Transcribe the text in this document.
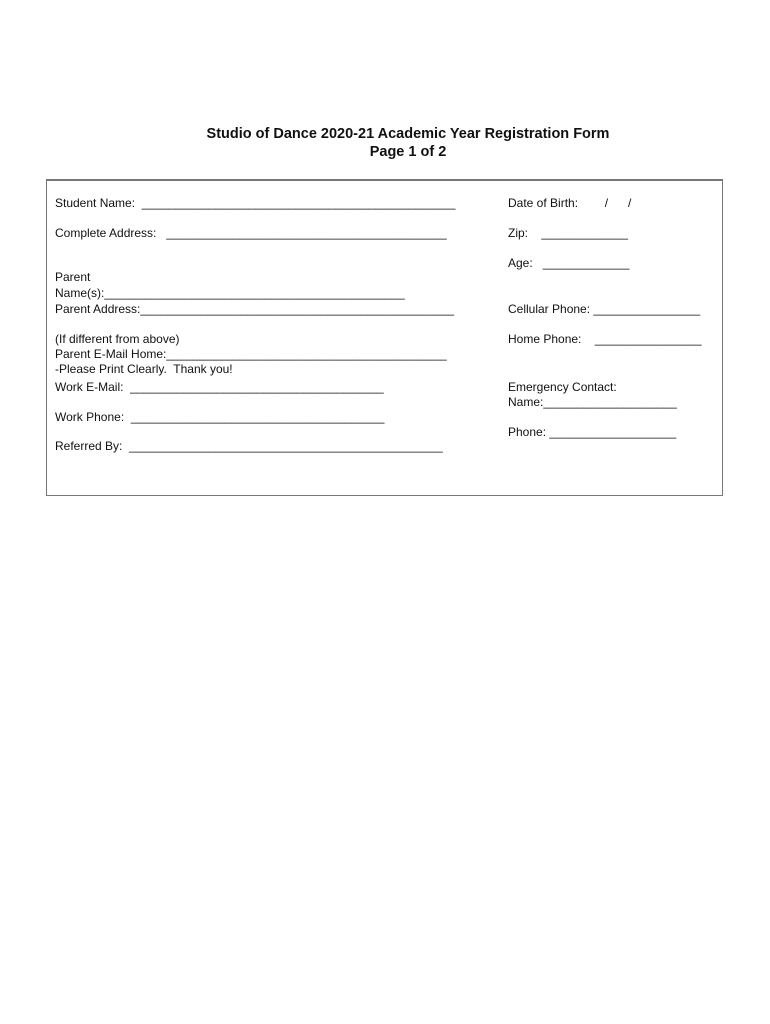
Studio of Dance 2020-21 Academic Year Registration Form
Page 1 of 2
Student Name:  _______________________________________________
Complete Address:   __________________________________________
Parent
Name(s):_____________________________________________
Parent Address:_______________________________________________
(If different from above)
Parent E-Mail Home:__________________________________________
-Please Print Clearly.  Thank you!
Work E-Mail:  ______________________________________
Work Phone:  ______________________________________
Referred By:  _______________________________________________
Date of Birth:        /      /
Zip:    _____________
Age:   _____________
Cellular Phone: ________________
Home Phone:    ________________
Emergency Contact:
Name:____________________
Phone: ___________________
